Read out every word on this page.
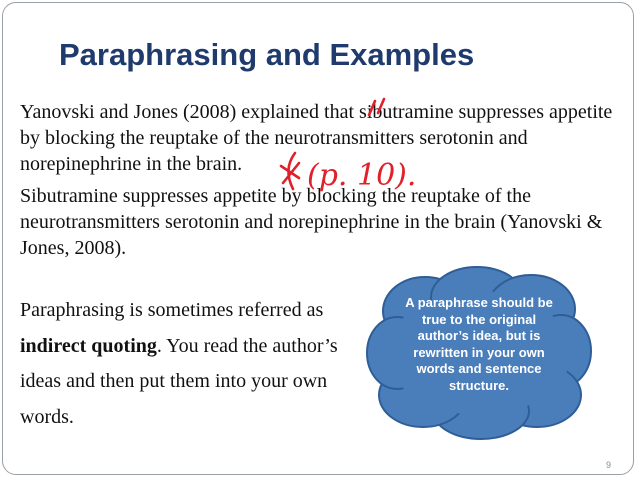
Paraphrasing and Examples
Yanovski and Jones (2008) explained that sibutramine suppresses appetite by blocking the reuptake of the neurotransmitters serotonin and norepinephrine in the brain.
Sibutramine suppresses appetite by blocking the reuptake of the neurotransmitters serotonin and norepinephrine in the brain (Yanovski & Jones, 2008).
Paraphrasing is sometimes referred as indirect quoting. You read the author’s ideas and then put them into your own words.
A paraphrase should be true to the original author’s idea, but is rewritten in your own words and sentence structure.
(p. 10).
9
